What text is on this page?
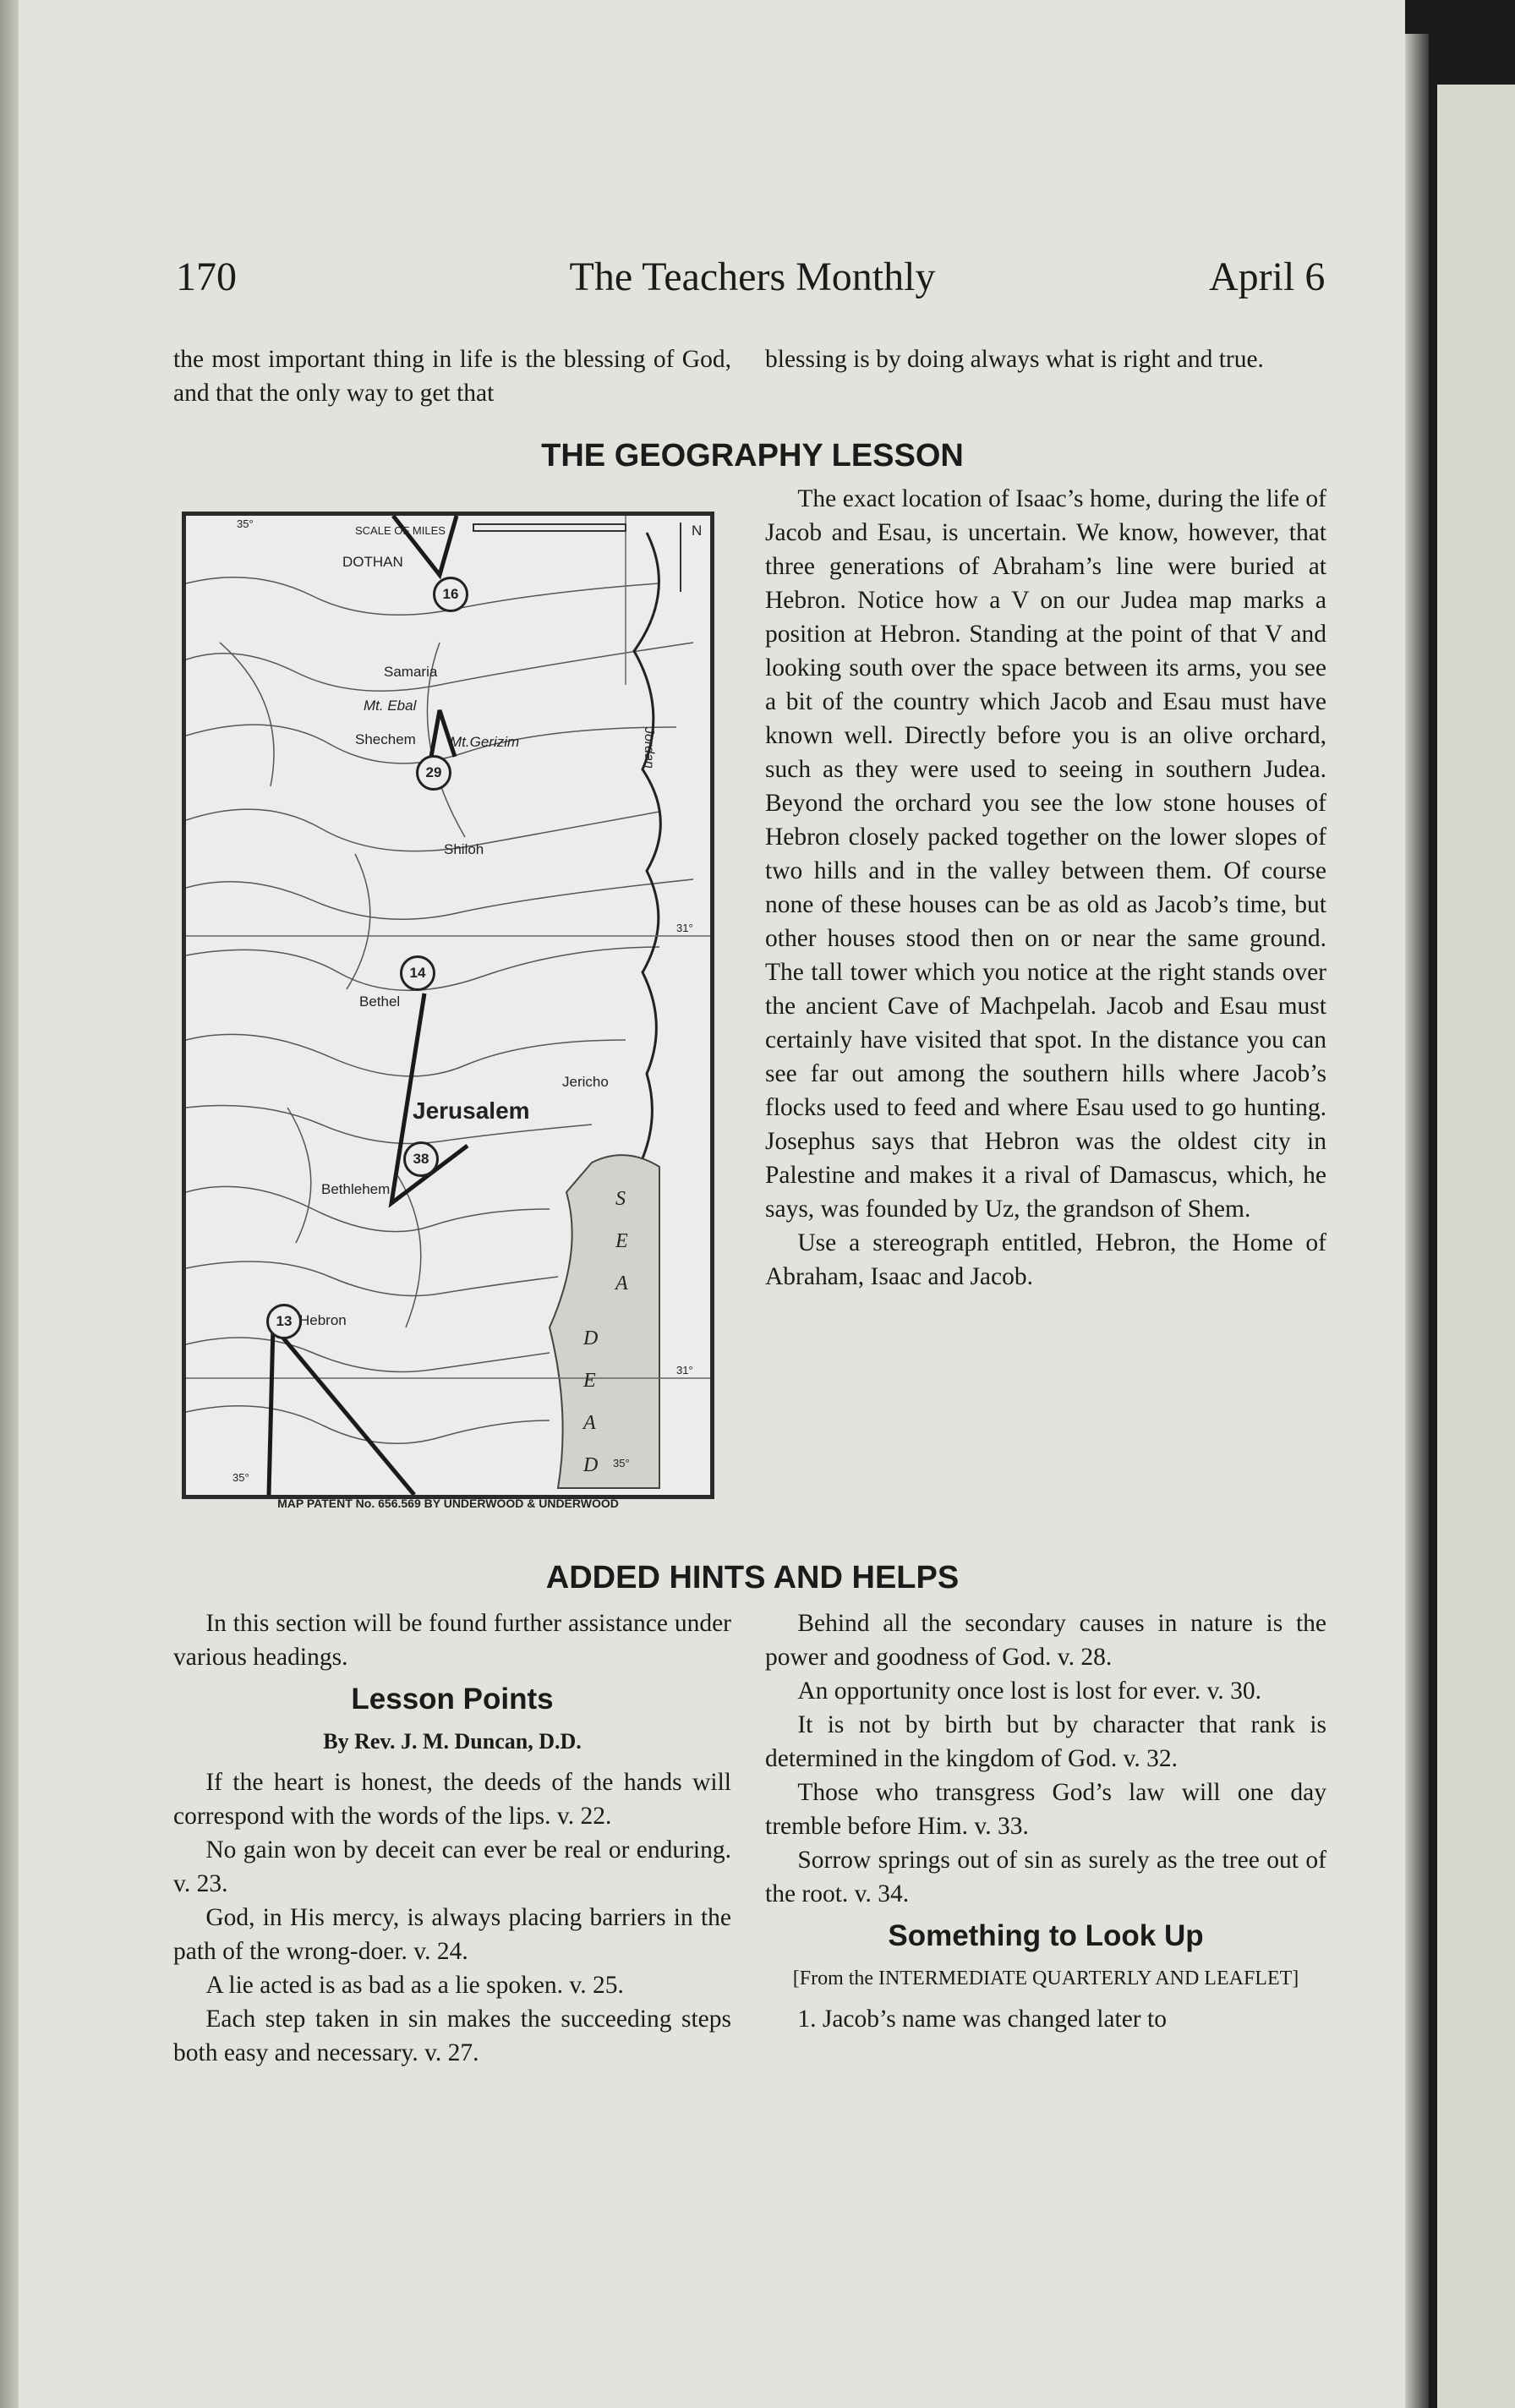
170	The Teachers Monthly	April 6

the most important thing in life is the blessing of God, and that the only way to get that

blessing is by doing always what is right and true.

THE GEOGRAPHY LESSON
SCALE OF MILES	N
35°
31°
31°
35°
35°
DOTHAN
16
Samaria
Mt. Ebal
Shechem Mt.Gerizim
29
Shiloh
Jordan
14
Bethel
Jericho
Jerusalem
38
Bethlehem
13 Hebron
D
E
A
D
S
E
A
MAP PATENT No. 656.569 BY UNDERWOOD & UNDERWOOD

The exact location of Isaac’s home, during the life of Jacob and Esau, is uncertain. We know, however, that three generations of Abraham’s line were buried at Hebron. Notice how a V on our Judea map marks a position at Hebron. Standing at the point of that V and looking south over the space between its arms, you see a bit of the country which Jacob and Esau must have known well. Directly before you is an olive orchard, such as they were used to seeing in southern Judea. Beyond the orchard you see the low stone houses of Hebron closely packed together on the lower slopes of two hills and in the valley between them. Of course none of these houses can be as old as Jacob’s time, but other houses stood then on or near the same ground. The tall tower which you notice at the right stands over the ancient Cave of Machpelah. Jacob and Esau must certainly have visited that spot. In the distance you can see far out among the southern hills where Jacob’s flocks used to feed and where Esau used to go hunting. Josephus says that Hebron was the oldest city in Palestine and makes it a rival of Damascus, which, he says, was founded by Uz, the grandson of Shem.

Use a stereograph entitled, Hebron, the Home of Abraham, Isaac and Jacob.

ADDED HINTS AND HELPS

In this section will be found further assistance under various headings.

Lesson Points
By Rev. J. M. Duncan, D.D.

If the heart is honest, the deeds of the hands will correspond with the words of the lips. v. 22.

No gain won by deceit can ever be real or enduring. v. 23.

God, in His mercy, is always placing barriers in the path of the wrong-doer. v. 24.

A lie acted is as bad as a lie spoken. v. 25.

Each step taken in sin makes the succeeding steps both easy and necessary. v. 27.

Behind all the secondary causes in nature is the power and goodness of God. v. 28.

An opportunity once lost is lost for ever. v. 30.

It is not by birth but by character that rank is determined in the kingdom of God. v. 32.

Those who transgress God’s law will one day tremble before Him. v. 33.

Sorrow springs out of sin as surely as the tree out of the root. v. 34.

Something to Look Up
[From the INTERMEDIATE QUARTERLY AND LEAFLET]

1. Jacob’s name was changed later to
